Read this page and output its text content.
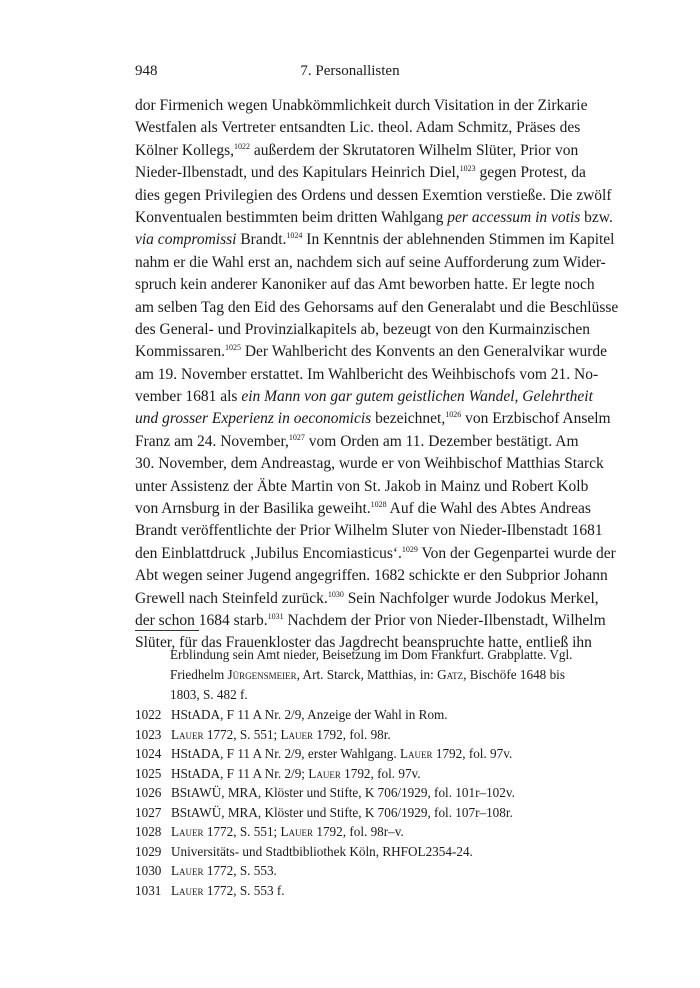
948	7. Personallisten
dor Firmenich wegen Unabkömmlichkeit durch Visitation in der Zirkarie
Westfalen als Vertreter entsandten Lic. theol. Adam Schmitz, Präses des
Kölner Kollegs,$^{1022}$ außerdem der Skrutatoren Wilhelm Slüter, Prior von
Nieder-Ilbenstadt, und des Kapitulars Heinrich Diel,$^{1023}$ gegen Protest, da
dies gegen Privilegien des Ordens und dessen Exemtion verstieße. Die zwölf
Konventualen bestimmten beim dritten Wahlgang per accessum in votis bzw.
via compromissi Brandt.$^{1024}$ In Kenntnis der ablehnenden Stimmen im Kapitel
nahm er die Wahl erst an, nachdem sich auf seine Aufforderung zum Wider-
spruch kein anderer Kanoniker auf das Amt beworben hatte. Er legte noch
am selben Tag den Eid des Gehorsams auf den Generalabt und die Beschlüsse
des General- und Provinzialkapitels ab, bezeugt von den Kurmainzischen
Kommissaren.$^{1025}$ Der Wahlbericht des Konvents an den Generalvikar wurde
am 19. November erstattet. Im Wahlbericht des Weihbischofs vom 21. No-
vember 1681 als ein Mann von gar gutem geistlichen Wandel, Gelehrtheit
und grosser Experienz in oeconomicis bezeichnet,$^{1026}$ von Erzbischof Anselm
Franz am 24. November,$^{1027}$ vom Orden am 11. Dezember bestätigt. Am
30. November, dem Andreastag, wurde er von Weihbischof Matthias Starck
unter Assistenz der Äbte Martin von St. Jakob in Mainz und Robert Kolb
von Arnsburg in der Basilika geweiht.$^{1028}$ Auf die Wahl des Abtes Andreas
Brandt veröffentlichte der Prior Wilhelm Sluter von Nieder-Ilbenstadt 1681
den Einblattdruck ‚Jubilus Encomiasticus‘.$^{1029}$ Von der Gegenpartei wurde der
Abt wegen seiner Jugend angegriffen. 1682 schickte er den Subprior Johann
Grewell nach Steinfeld zurück.$^{1030}$ Sein Nachfolger wurde Jodokus Merkel,
der schon 1684 starb.$^{1031}$ Nachdem der Prior von Nieder-Ilbenstadt, Wilhelm
Slüter, für das Frauenkloster das Jagdrecht beanspruchte hatte, entließ ihn
Erblindung sein Amt nieder, Beisetzung im Dom Frankfurt. Grabplatte. Vgl.
Friedhelm Jürgensmeier, Art. Starck, Matthias, in: Gatz, Bischöfe 1648 bis
1803, S. 482 f.
1022 HStADA, F 11 A Nr. 2/9, Anzeige der Wahl in Rom.
1023 Lauer 1772, S. 551; Lauer 1792, fol. 98r.
1024 HStADA, F 11 A Nr. 2/9, erster Wahlgang. Lauer 1792, fol. 97v.
1025 HStADA, F 11 A Nr. 2/9; Lauer 1792, fol. 97v.
1026 BStAWÜ, MRA, Klöster und Stifte, K 706/1929, fol. 101r–102v.
1027 BStAWÜ, MRA, Klöster und Stifte, K 706/1929, fol. 107r–108r.
1028 Lauer 1772, S. 551; Lauer 1792, fol. 98r–v.
1029 Universitäts- und Stadtbibliothek Köln, RHFOL2354-24.
1030 Lauer 1772, S. 553.
1031 Lauer 1772, S. 553 f.
